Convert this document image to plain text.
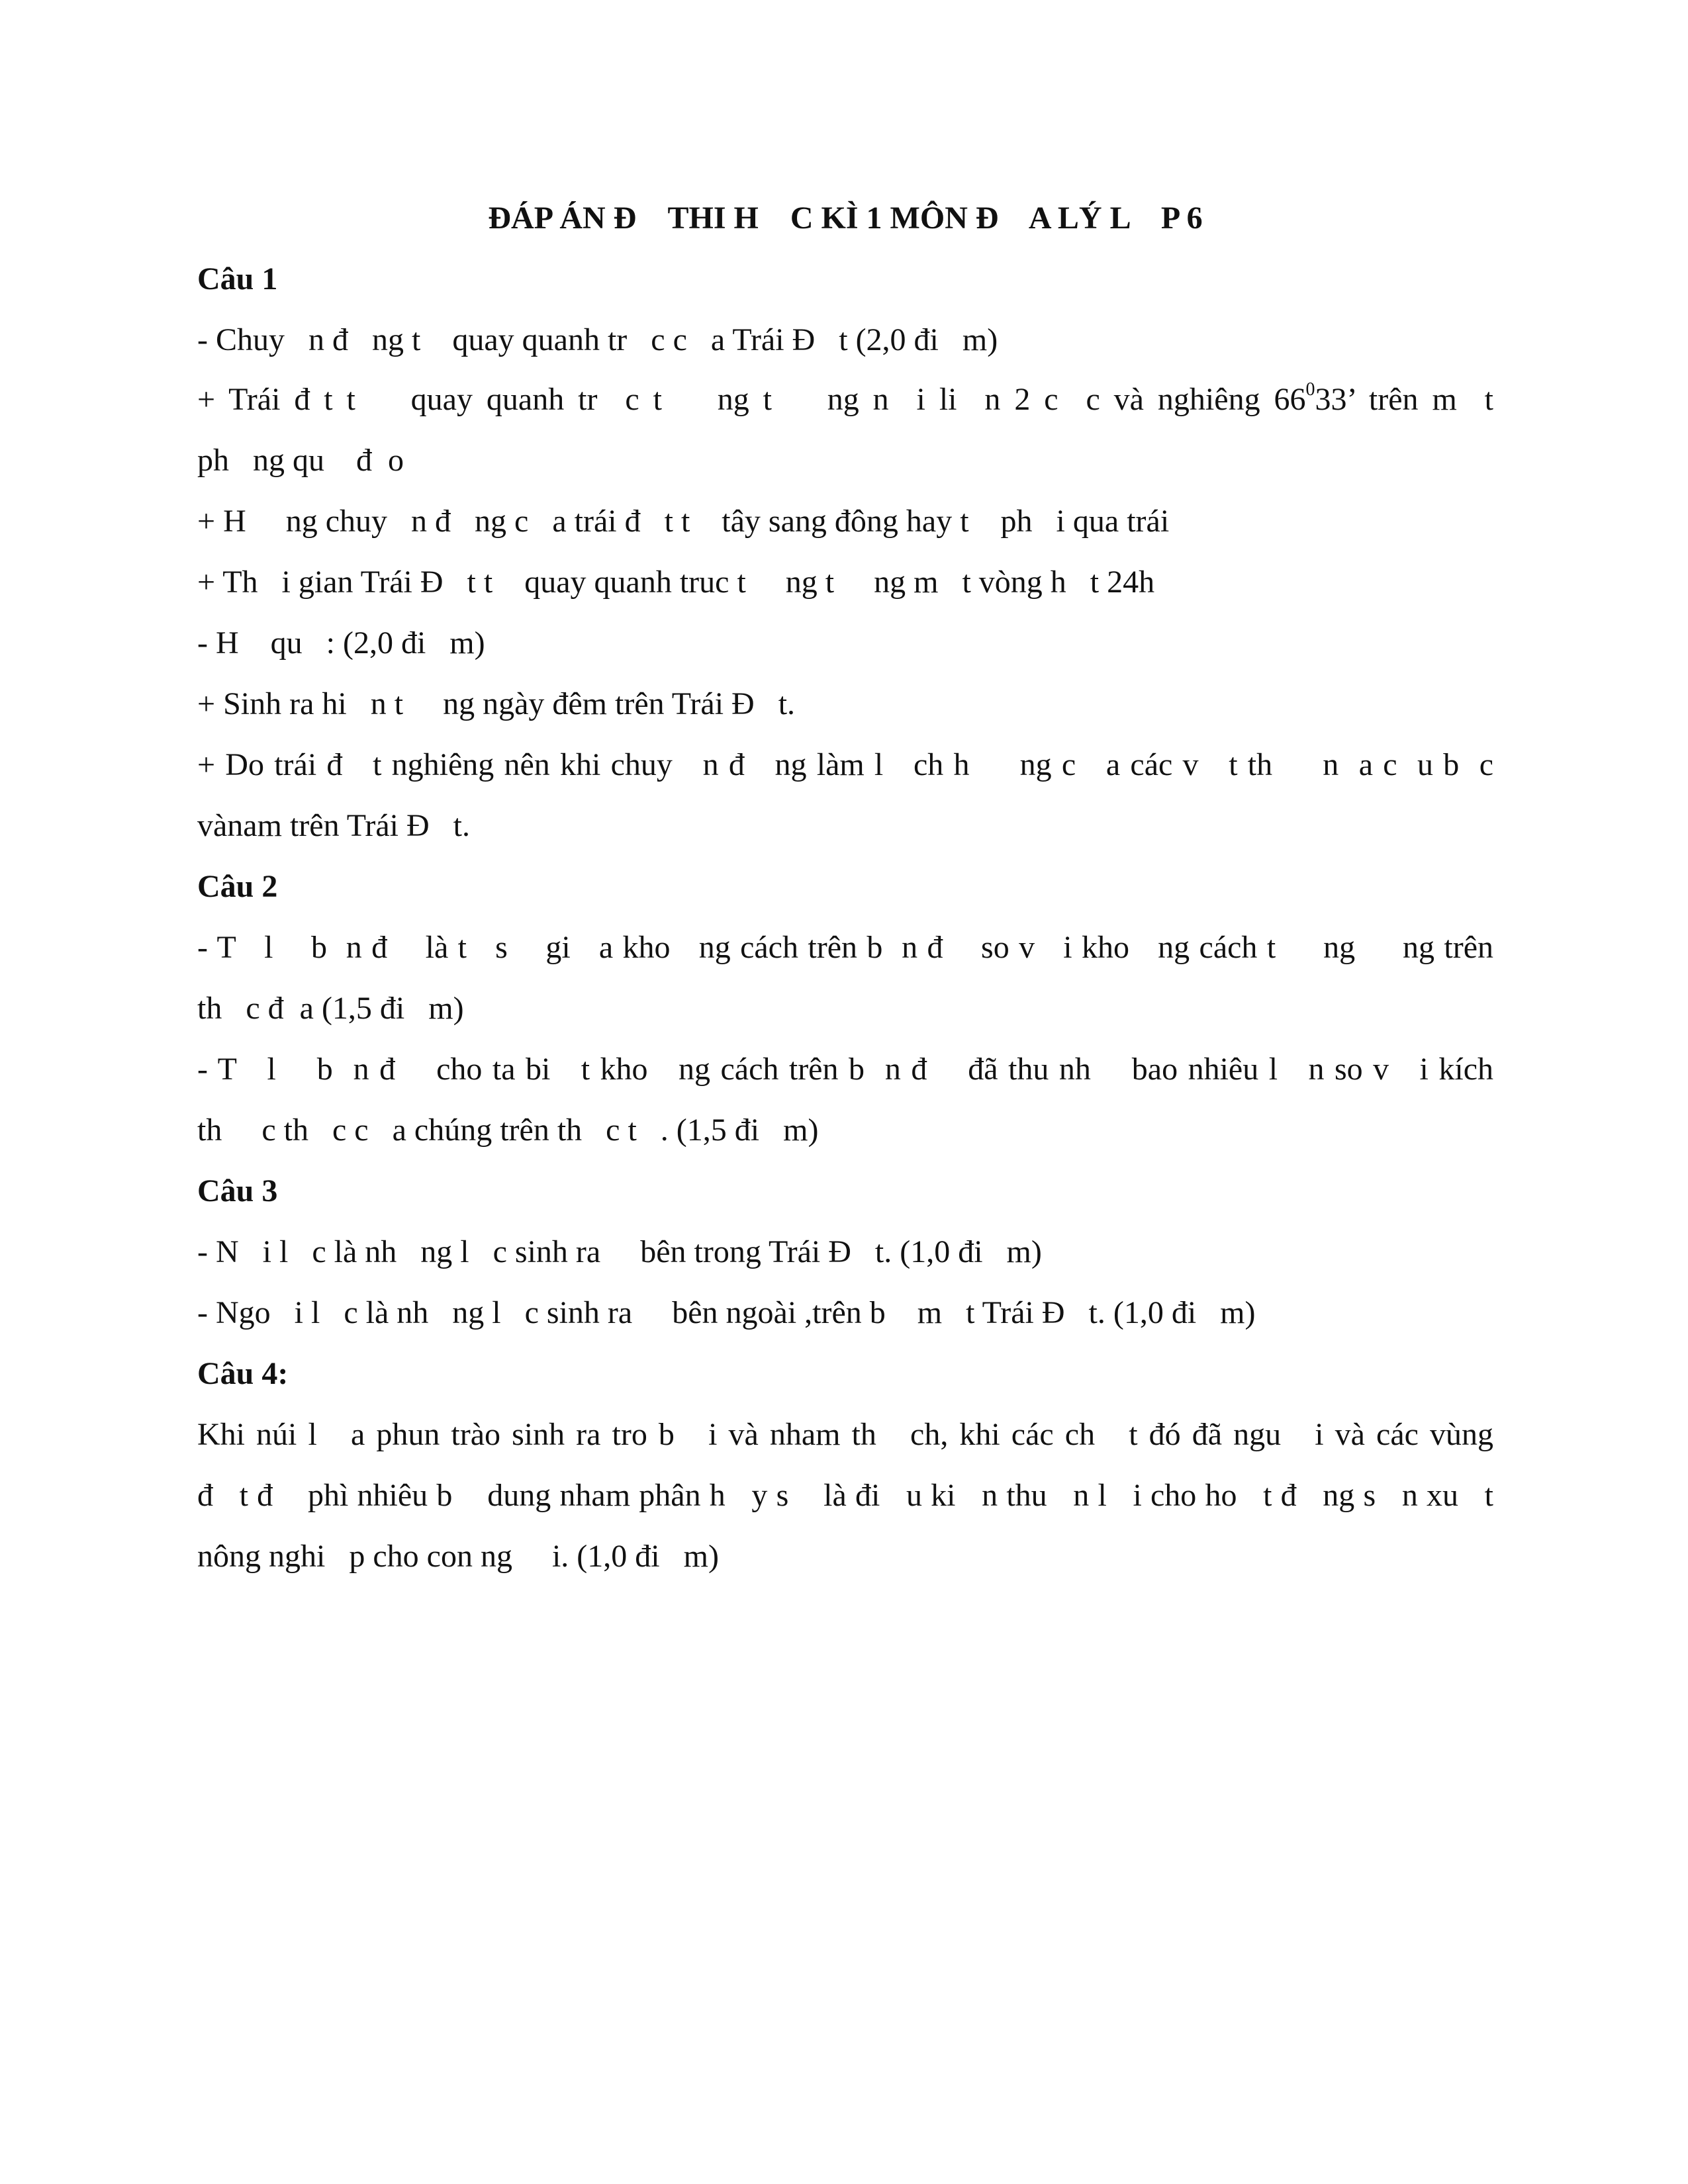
ĐÁP ÁN Đ    THI H    C KÌ 1 MÔN Đ    A LÝ L    P 6
Câu 1
- Chuy   n đ   ng t    quay quanh tr   c c   a Trái Đ   t (2,0 đi   m)
+ Trái đ t t    quay quanh tr  c t    ng t    ng n  i li  n 2 c  c và nghiêng $66^033$’ trên m  t
ph   ng qu    đ  o
+ H     ng chuy   n đ   ng c   a trái đ   t t    tây sang đông hay t    ph   i qua trái
+ Th   i gian Trái Đ   t t    quay quanh truc t     ng t     ng m   t vòng h   t 24h
- H    qu   : (2,0 đi   m)
+ Sinh ra hi   n t     ng ngày đêm trên Trái Đ   t.
+ Do trái đ   t nghiêng nên khi chuy   n đ   ng làm l   ch h     ng c   a các v   t th     n  a c  u b  c
vànam trên Trái Đ   t.
Câu 2
- T   l    b  n đ    là t   s    gi   a kho   ng cách trên b  n đ    so v   i kho   ng cách t     ng     ng trên
th   c đ  a (1,5 đi   m)
- T   l    b  n đ    cho ta bi   t kho   ng cách trên b  n đ    đã thu nh    bao nhiêu l   n so v   i kích
th     c th   c c   a chúng trên th   c t   . (1,5 đi   m)
Câu 3
- N   i l   c là nh   ng l   c sinh ra     bên trong Trái Đ   t. (1,0 đi   m)
- Ngo   i l   c là nh   ng l   c sinh ra     bên ngoài ,trên b    m   t Trái Đ   t. (1,0 đi   m)
Câu 4:
Khi núi l   a phun trào sinh ra tro b   i và nham th   ch, khi các ch   t đó đã ngu   i và các vùng
đ   t đ    phì nhiêu b    dung nham phân h   y s    là đi   u ki   n thu   n l   i cho ho   t đ   ng s   n xu   t
nông nghi   p cho con ng     i. (1,0 đi   m)
